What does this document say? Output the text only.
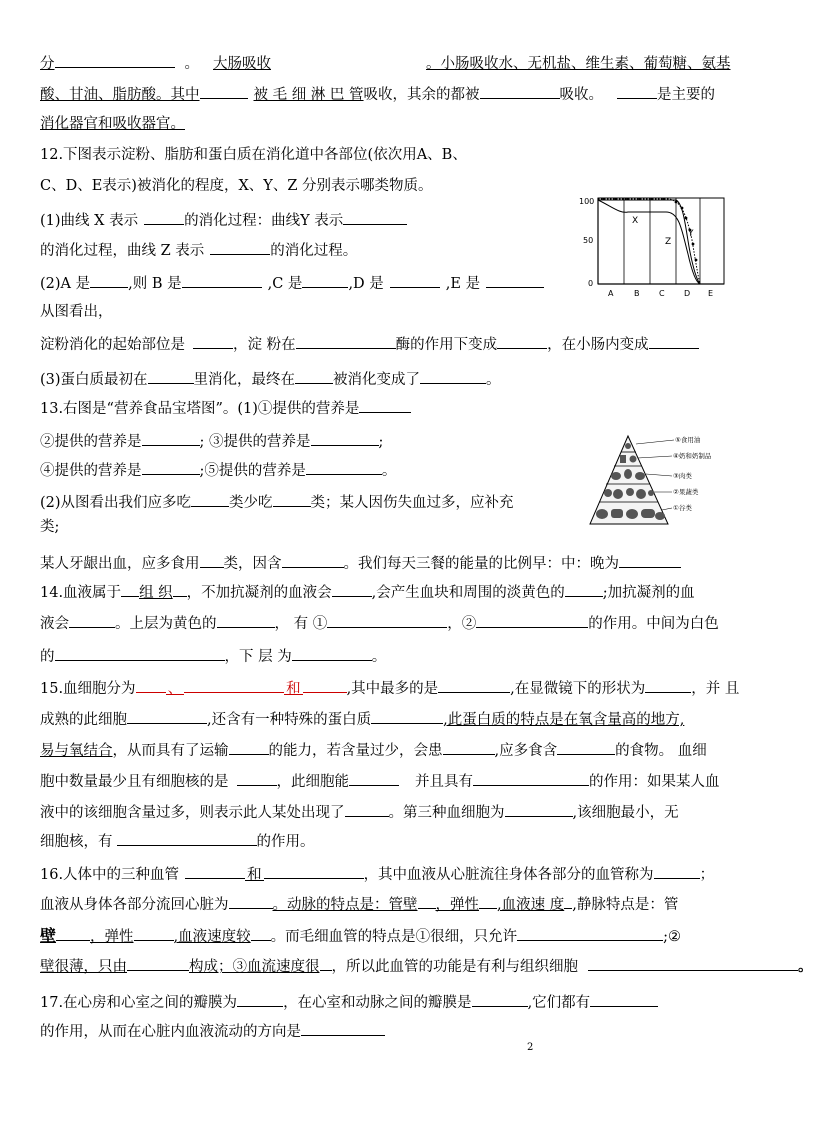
分	。 大肠吸收	。小肠吸收水、无机盐、维生素、葡萄糖、氨基
酸、甘油、脂肪酸。其中	被 毛 细 淋 巴 管吸收，其余的都被	吸收。	是主要的
消化器官和吸收器官。
12.下图表示淀粉、脂肪和蛋白质在消化道中各部位(依次用A、B、
C、D、E表示)被消化的程度，X、Y、Z 分别表示哪类物质。
(1)曲线 X 表示	的消化过程：曲线Y 表示
的消化过程，曲线 Z 表示	的消化过程。
(2)A 是	,则 B 是	,C 是	,D 是	,E 是
从图看出，
淀粉消化的起始部位是	，淀 粉在	酶的作用下变成	，在小肠内变成
(3)蛋白质最初在	里消化，最终在	被消化变成了	。
100
50
0
A	B C D E
X
Y
Z
13.右图是“营养食品宝塔图”。(1)①提供的营养是
②提供的营养是	; ③提供的营养是	;
④提供的营养是	;⑤提供的营养是	。
(2)从图看出我们应多吃	类少吃	类；某人因伤失血过多，应补充
类;
某人牙龈出血，应多食用 类，因含	。我们每天三餐的能量的比例早：中：晚为
⑤食用油
④奶和奶制品
③肉类
②果蔬类
①谷类
14.血液属于 组 织 ，不加抗凝剂的血液会	,会产生血块和周围的淡黄色的	;加抗凝剂的血
液会	。上层为黄色的	， 有 ①	，②	的作用。中间为白色
的	，下 层 为	。
15.血细胞分为 、	和	,其中最多的是	,在显微镜下的形状为	，并 且
成熟的此细胞	,还含有一种特殊的蛋白质	,此蛋白质的特点是在氧含量高的地方,
易与氧结合，从而具有了运输	的能力，若含量过少，会患	,应多食含	的食物。 血细
胞中数量最少且有细胞核的是	，此细胞能	并且具有	的作用：如果某人血
液中的该细胞含量过多，则表示此人某处出现了	。第三种血细胞为	,该细胞最小，无
细胞核，有	的作用。
16.人体中的三种血管	和	，其中血液从心脏流往身体各部分的血管称为	；
血液从身体各部分流回心脏为	。动脉的特点是：管壁 ，弹性 ,血液速 度 ,静脉特点是：管
壁 ，弹性	,血液速度较 。而毛细血管的特点是①很细，只允许	;②
壁很薄，只由	构成；③血流速度很 ，所以此血管的功能是有利与组织细胞	。
17.在心房和心室之间的瓣膜为	，在心室和动脉之间的瓣膜是	,它们都有
的作用，从而在心脏内血液流动的方向是
2
